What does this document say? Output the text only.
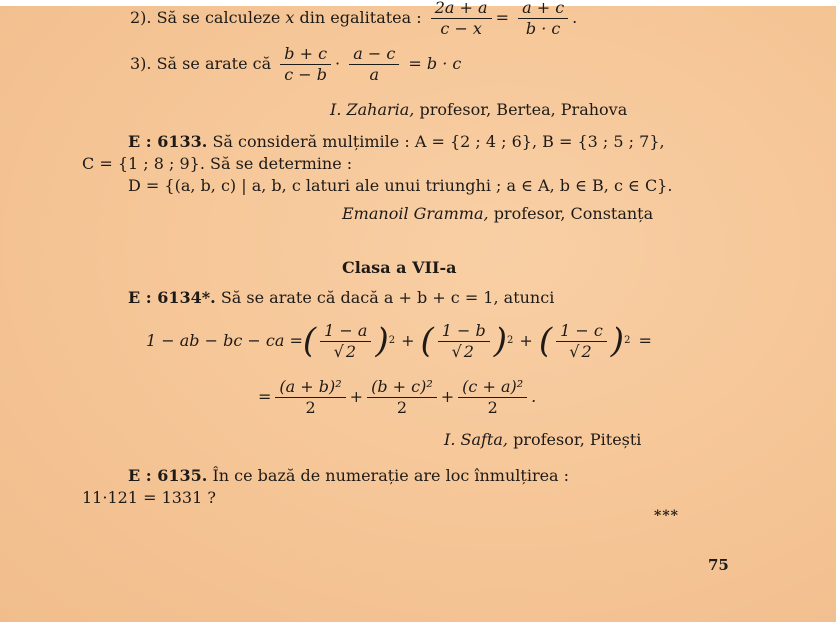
2). Să se calculeze x din egalitatea : $\frac{2a + a}{c - x} = \frac{a + c}{b \cdot c}$ .
3). Să se arate că $\frac{b + c}{c - b} \cdot \frac{a - c}{a} = b \cdot c$
I. Zaharia, profesor, Bertea, Prahova
E : 6133. Să consideră mulțimile : A = {2 ; 4 ; 6}, B = {3 ; 5 ; 7},
C = {1 ; 8 ; 9}. Să se determine :
D = {(a, b, c) | a, b, c laturi ale unui triunghi ; a ∈ A, b ∈ B, c ∈ C}.
Emanoil Gramma, profesor, Constanța
Clasa a VII-a
E : 6134*. Să se arate că dacă a + b + c = 1, atunci
1 − ab − bc − ca = ( $\frac{1 - a}{√ 2}$ ) 2 + ( $\frac{1 - b}{√ 2}$ ) 2 + ( $\frac{1 - c}{√ 2}$ ) 2 =
= $\frac{\text{(a + b)²}}{2} + \frac{\text{(b + c)²}}{2} + \frac{\text{(c + a)²}}{2}$ .
I. Safta, profesor, Pitești
E : 6135. În ce bază de numerație are loc înmulțirea :
11·121 = 1331 ?
***
75
